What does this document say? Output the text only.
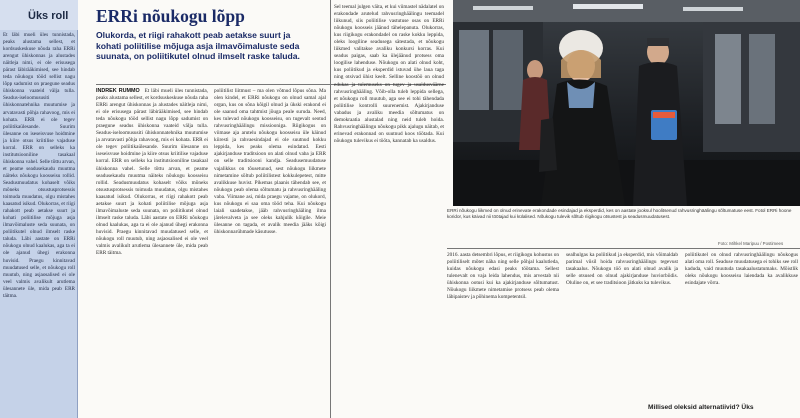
Üks roll
Et läbi mueli üles tunnistada, peaks alustama sellest, et kordsuskeskuse nõuda raha ERRi arengut ühiskonnas ja alustades näitleja nimi, ei ole erisusega pärast läbirääkimised, see hindab teda nõukogu tööd sellist nagu lõpp sadumist on praegune seadus ühiskonna vaateid välja tulla. Seadus-iseloomususiti ühiskonnatehnika muutumise ja arvatavasti põhja rahavoog, mis ei kohata. ERR ei ole tegev poliitikaülesande. Suurim ülesanne on iseseisvuse hoidmine ja kiire otsus kriitilise vajaduse korral. ERR on selleks ka institutsiooniline tasakaal ühiskonna vahel. Selle tõttu arvan, et peame seadusekaudu muutma näiteks nõukogu koosseisu rollid. Seadusmuudatus kohaselt võiks mõneks otsustusprotsessis toimuda muudatus, olgu mistahes kaasatud isikud. Olukorras, et riigi rahakott peab aetakse suurt ja kohati poliitilise mõjuga asja ilmavõimaluste seda suunata, on poliitikutel olnud ilmselt raske taluda. Läbi aastate on ERRi nõukogu olnud kaalukas, aga ta ei ole ajanud ühegi erakonna huvisid. Praegu kinnitavad muudatused selle, et nõukogu roll muutub, ning asjaosalised ei ole veel valmis avalikult arutlema ülesannete üle, mida peab ERR täitma.
ERRi nõukogu lõpp
Olukorda, et riigi rahakott peab aetakse suurt ja kohati poliitilise mõjuga asja ilmavõimaluste seda suunata, on poliitikutel olnud ilmselt raske taluda.
INDREK RUMMO Et läbi mueli üles tunnistada, peaks alustama sellest, et kordsuskeskuse nõuda raha ERRi arengut ühiskonnas ja alustades näitleja nimi, ei ole erisusega pärast läbirääkimised, see hindab teda nõukogu tööd sellist nagu lõpp sadumist on praegune seadus ühiskonna vaateid välja tulla. Seadus-iseloomususiti ühiskonnatehnika muutumise ja arvatavasti põhja rahavoog, mis ei kohata. ERR ei ole tegev poliitikaülesande. Suurim ülesanne on iseseisvuse hoidmine ja kiire otsus kriitilise vajaduse korral. ERR on selleks ka institutsiooniline tasakaal ühiskonna vahel. Selle tõttu arvan, et peame seadusekaudu muutma näiteks nõukogu koosseisu rollid. Seadusmuudatus kohaselt võiks mõneks otsustusprotsessis toimuda muudatus, olgu mistahes kaasatud isikud. Olukorras, et riigi rahakott peab aetakse suurt ja kohati poliitilise mõjuga asja ilmavõimaluste seda suunata, on poliitikutel olnud ilmselt raske taluda. Läbi aastate on ERRi nõukogu olnud kaalukas, aga ta ei ole ajanud ühegi erakonna huvisid. Praegu kinnitavad muudatused selle, et nõukogu roll muutub, ning asjaosalised ei ole veel valmis avalikult arutlema ülesannete üle, mida peab ERR täitma.
poliitilist liitmust – ma olen võtnud lõpus sõna. Ma olen kindel, et ERRi nõukogu on olnud samal ajal organ, kus on sõna kõigil olnud ja ükski erakond ei ole saanud oma tahtmist jõuga peale suruda. Need, kes tulevad nõukogu koosseisu, on tugevalt seotud rahvusringhäälingu missiooniga. Riigikogus on viimase aja arutelu nõukogu koosseisu üle käinud kiiresti ja rahvaesindajad ei ole suutnud kokku leppida, kes peaks olema esindatud. Eesti ajakirjanduse traditsioon on alati olnud vaba ja ERR on selle traditsiooni kandja. Seadusemuudatuse vajalikkus on tõusetunud, sest nõukogu liikmete nimetamine sõltub poliitilistest kokkulepetest, mitte avalikkuse huvist. Pikemas plaanis tähendab see, et nõukogu peab olema sõltumatu ja rahvusringhääling vaba. Viimane asi, mida praegu vajame, on olukord, kus nõukogu ei saa oma tööd teha. Kui nõukogu laiali saadetakse, jääb rahvusringhääling ilma järelevalveta ja see oleks kahjulik kõigile. Meie ülesanne on tagada, et avalik meedia jääks kõigi ühiskonnarühmade käsutusse.
Sel teemal julgen väita, et kui viimastel nädalatel on erakondade arutelud rahvusringhäälingu teemadel liikunud, siis poliitilise vastutuse osas on ERRi nõukogu koosseis jäänud tähelepanuta. Olukorras, kus riigikogu erakondadel on raske kokku leppida, oleks loogiline seadusega sätestada, et nõukogu liikmed valitakse avaliku konkursi korras. Kui seadus paigas, saab ka ülejäänud protsess oma loogilise lahenduse. Nõukogu on alati olnud koht, kus poliitikud ja eksperdid istuvad ühe laua taga ning otsivad ühist keelt. Selline koostöö on olnud edukas ja tulemuseks on tugev ja usaldusväärne rahvusringhääling. Võib-olla tuleb leppida sellega, et nõukogu roll muutub, aga see ei tohi tähendada poliitilise kontrolli suurenemist. Ajakirjanduse vabadus ja avaliku meedia sõltumatus on demokraatia alustalad ning neid tuleb hoida. Rahvusringhäälingu nõukogu pikk ajalugu näitab, et erinevad erakonnad on suutnud koos töötada. Kui nõukogu tulevikus ei tööta, kannatab ka usaldus.
ERRi nõukogu liikmed on olnud erinevate erakondade esindajad ja eksperdid, kes on aastate jooksul hoolitsenud rahvusringhäälingu sõltumatuse eest. Fotol ERRi hoone koridor, kus käivad nii töötajad kui külalised. Nõukogu tulevik sõltub riigikogu otsustest ja seadusmuudatusest.
Foto: Mihkel Maripuu / Postimees
2016. aasta detsembri lõpus, et riigikogu kohustus on poliitiliselt mõtet näha ning selle põhjal kaalutleda, kuidas nõukogu edasi peaks töötama. Sellest tulenevalt on vaja leida lahendus, mis arvestab nii ühiskonna ootusi kui ka ajakirjanduse sõltumatust. Nõukogu liikmete nimetamise protsess peab olema läbipaistev ja põhinema kompetentsil.
sealhulgas ka poliitikud ja eksperdid, mis võimaldab parimal viisil hoida rahvusringhäälingu tegevust tasakaalus. Nõukogu töö on alati olnud avalik ja selle otsused on olnud ajakirjanduse huviorbiidis. Oluline on, et see traditsioon jätkuks ka tulevikus.
poliitikutel on olnud rahvusringhäälingu nõukogus alati oma roll. Seaduse muudatusega ei tohiks see roll kaduda, vaid muutuda tasakaalustatumaks. Mõistlik oleks nõukogu koosseisu laiendada ka avalikkuse esindajate võrra.
Millised oleksid alternatiivid? Üks
